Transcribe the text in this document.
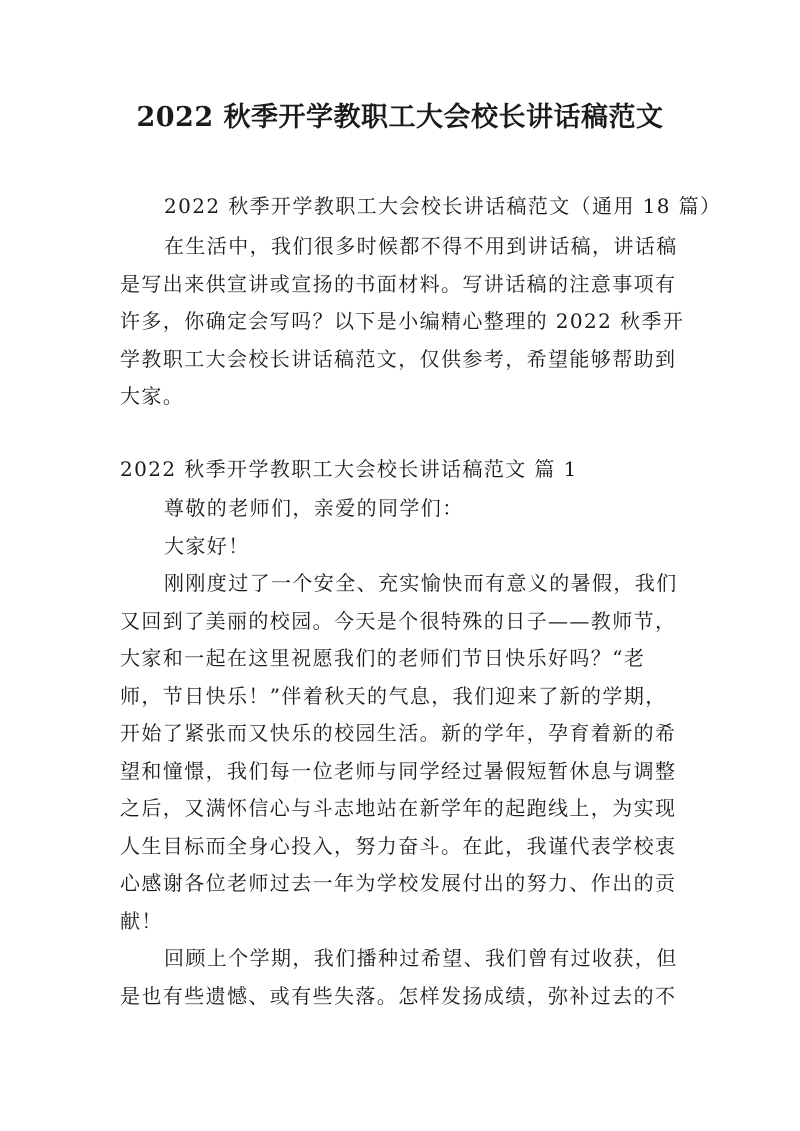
2022 秋季开学教职工大会校长讲话稿范文
2022 秋季开学教职工大会校长讲话稿范文（通用 18 篇）
在生活中，我们很多时候都不得不用到讲话稿，讲话稿
是写出来供宣讲或宣扬的书面材料。写讲话稿的注意事项有
许多，你确定会写吗？以下是小编精心整理的 2022 秋季开
学教职工大会校长讲话稿范文，仅供参考，希望能够帮助到
大家。
2022 秋季开学教职工大会校长讲话稿范文 篇 1
尊敬的老师们，亲爱的同学们：
大家好！
刚刚度过了一个安全、充实愉快而有意义的暑假，我们
又回到了美丽的校园。今天是个很特殊的日子——教师节，
大家和一起在这里祝愿我们的老师们节日快乐好吗？“老
师，节日快乐！”伴着秋天的气息，我们迎来了新的学期，
开始了紧张而又快乐的校园生活。新的学年，孕育着新的希
望和憧憬，我们每一位老师与同学经过暑假短暂休息与调整
之后，又满怀信心与斗志地站在新学年的起跑线上，为实现
人生目标而全身心投入，努力奋斗。在此，我谨代表学校衷
心感谢各位老师过去一年为学校发展付出的努力、作出的贡
献！
回顾上个学期，我们播种过希望、我们曾有过收获，但
是也有些遗憾、或有些失落。怎样发扬成绩，弥补过去的不
